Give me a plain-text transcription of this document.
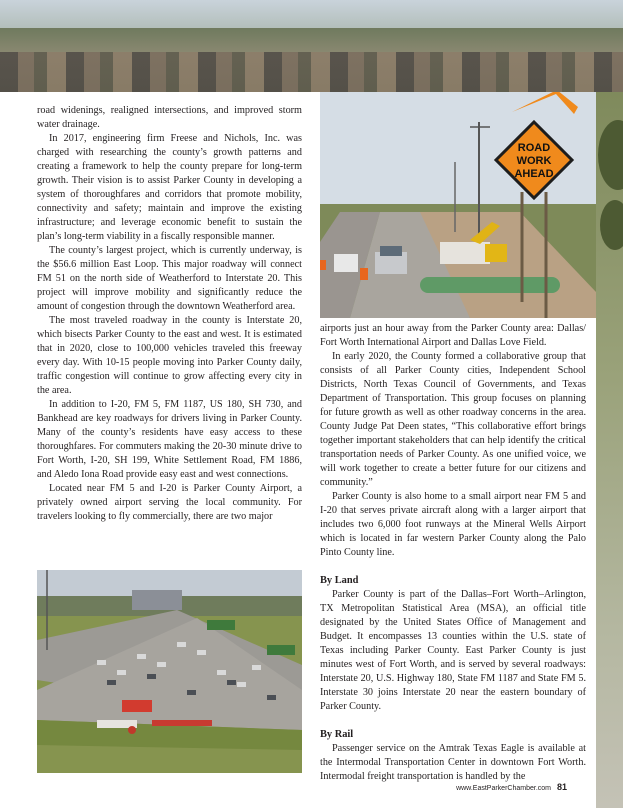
road widenings, realigned intersections, and improved storm water drainage.

In 2017, engineering firm Freese and Nichols, Inc. was charged with researching the county’s growth patterns and creating a framework to help the county prepare for long-term growth. Their vision is to assist Parker County in developing a system of thoroughfares and corridors that promote mobility, connectivity and safety; maintain and improve the existing infrastructure; and leverage economic benefit to sustain the plan’s long-term viability in a fiscally responsible manner.

The county’s largest project, which is currently underway, is the $56.6 million East Loop. This major roadway will connect FM 51 on the north side of Weatherford to Interstate 20. This project will improve mobility and significantly reduce the amount of congestion through the downtown Weatherford area.

The most traveled roadway in the county is Interstate 20, which bisects Parker County to the east and west. It is estimated that in 2020, close to 100,000 vehicles traveled this freeway every day. With 10-15 people moving into Parker County daily, traffic congestion will continue to grow affecting every city in the area.

In addition to I-20, FM 5, FM 1187, US 180, SH 730, and Bankhead are key roadways for drivers living in Parker County. Many of the county’s residents have easy access to these thoroughfares. For commuters making the 20-30 minute drive to Fort Worth, I-20, SH 199, White Settlement Road, FM 1886, and Aledo Iona Road provide easy east and west connections.

Located near FM 5 and I-20 is Parker County Airport, a privately owned airport serving the local community. For travelers looking to fly commercially, there are two major

ROAD
WORK
AHEAD

airports just an hour away from the Parker County area: Dallas/ Fort Worth International Airport and Dallas Love Field.

In early 2020, the County formed a collaborative group that consists of all Parker County cities, Independent School Districts, North Texas Council of Governments, and Texas Department of Transportation. This group focuses on planning for future growth as well as other roadway concerns in the area. County Judge Pat Deen states, “This collaborative effort brings together important stakeholders that can help identify the critical transportation needs of Parker County. As one unified voice, we will work together to create a better future for our citizens and community.”

Parker County is also home to a small airport near FM 5 and I-20 that serves private aircraft along with a larger airport that includes two 6,000 foot runways at the Mineral Wells Airport which is located in far western Parker County along the Palo Pinto County line.

By Land

Parker County is part of the Dallas–Fort Worth–Arlington, TX Metropolitan Statistical Area (MSA), an official title designated by the United States Office of Management and Budget. It encompasses 13 counties within the U.S. state of Texas including Parker County. East Parker County is just minutes west of Fort Worth, and is served by several roadways: Interstate 20, U.S. Highway 180, State FM 1187 and State FM 5. Interstate 30 joins Interstate 20 near the eastern boundary of Parker County.

By Rail

Passenger service on the Amtrak Texas Eagle is available at the Intermodal Transportation Center in downtown Fort Worth. Intermodal freight transportation is handled by the

www.EastParkerChamber.com 81
